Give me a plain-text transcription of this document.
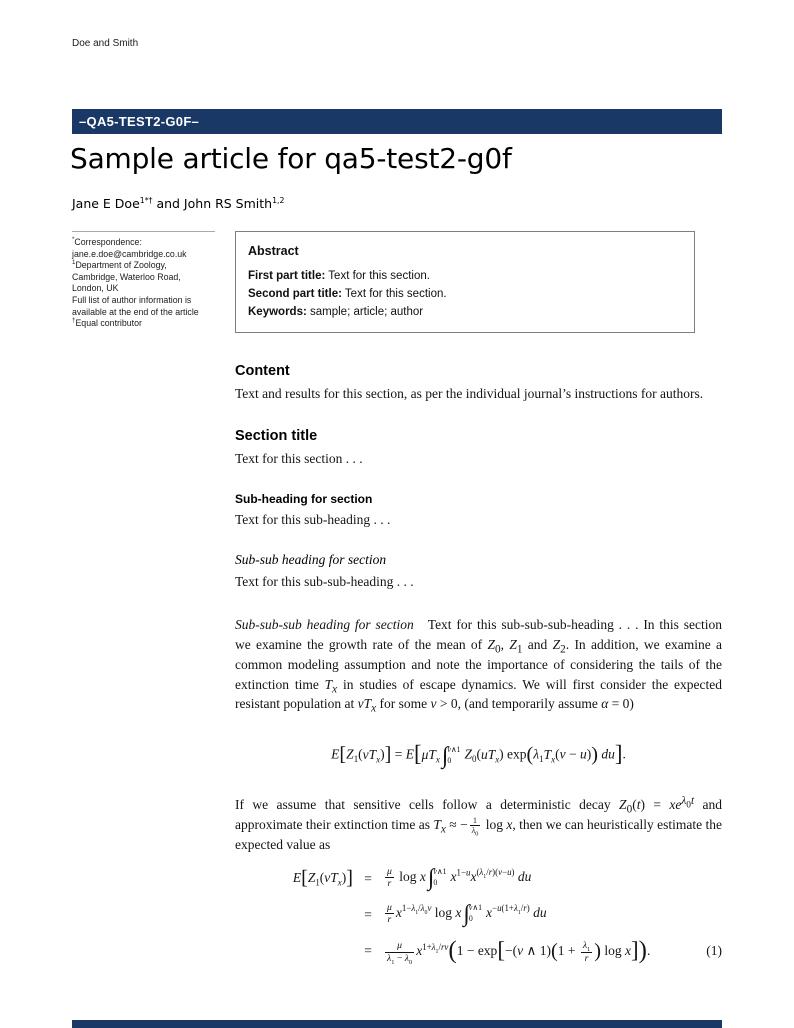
Doe and Smith
–QA5-TEST2-G0F–
Sample article for qa5-test2-g0f
Jane E Doe$^{1*\dagger}$ and John RS Smith$^{1,2}$
*Correspondence:
jane.e.doe@cambridge.co.uk
$^1$Department of Zoology,
Cambridge, Waterloo Road,
London, UK
Full list of author information is
available at the end of the article
†Equal contributor
Abstract
First part title: Text for this section.
Second part title: Text for this section.
Keywords: sample; article; author
Content

Text and results for this section, as per the individual journal’s instructions for authors.

Section title

Text for this section . . .

Sub-heading for section

Text for this sub-heading . . .

Sub-sub heading for section

Text for this sub-sub-heading . . .

Sub-sub-sub heading for section Text for this sub-sub-sub-heading . . . In this section we examine the growth rate of the mean of $Z_0$, $Z_1$ and $Z_2$. In addition, we examine a common modeling assumption and note the importance of considering the tails of the extinction time $T_x$ in studies of escape dynamics. We will first consider the expected resistant population at $vT_x$ for some v > 0, (and temporarily assume α = 0)

$E[Z_1(vT_x)] = E[\mu T_x\int$ v∧1
0 $Z_0(uT_x) \exp(\lambda_1T_x(v - u))$ du].

If we assume that sensitive cells follow a deterministic decay $Z_0(t) = xe^{\lambda_0t}$ and approximate their extinction time as $T_x$ ≈ − $\frac{1}{\lambda_0}$ log x, then we can heuristically estimate the expected value as

$E[Z_1(vT_x)]$ =	$\frac{\mu}{r}$ log x∫ v∧1
0 $x^{1-u}x^{(\lambda_1/r)(v-u)}$ du
=	$\frac{\mu}{r} x^{1-\lambda_1/\lambda_0v}$ log x∫ v∧1
0 $x^{-u(1+\lambda_1/r)}$ du
=	$\frac{\mu}{\lambda_1 - \lambda_0} x^{1+\lambda_1/rv}(1 - \exp[-(v$ ∧ $1)(1 + \frac{\lambda_1}{r}$ ) log x]).	(1)
